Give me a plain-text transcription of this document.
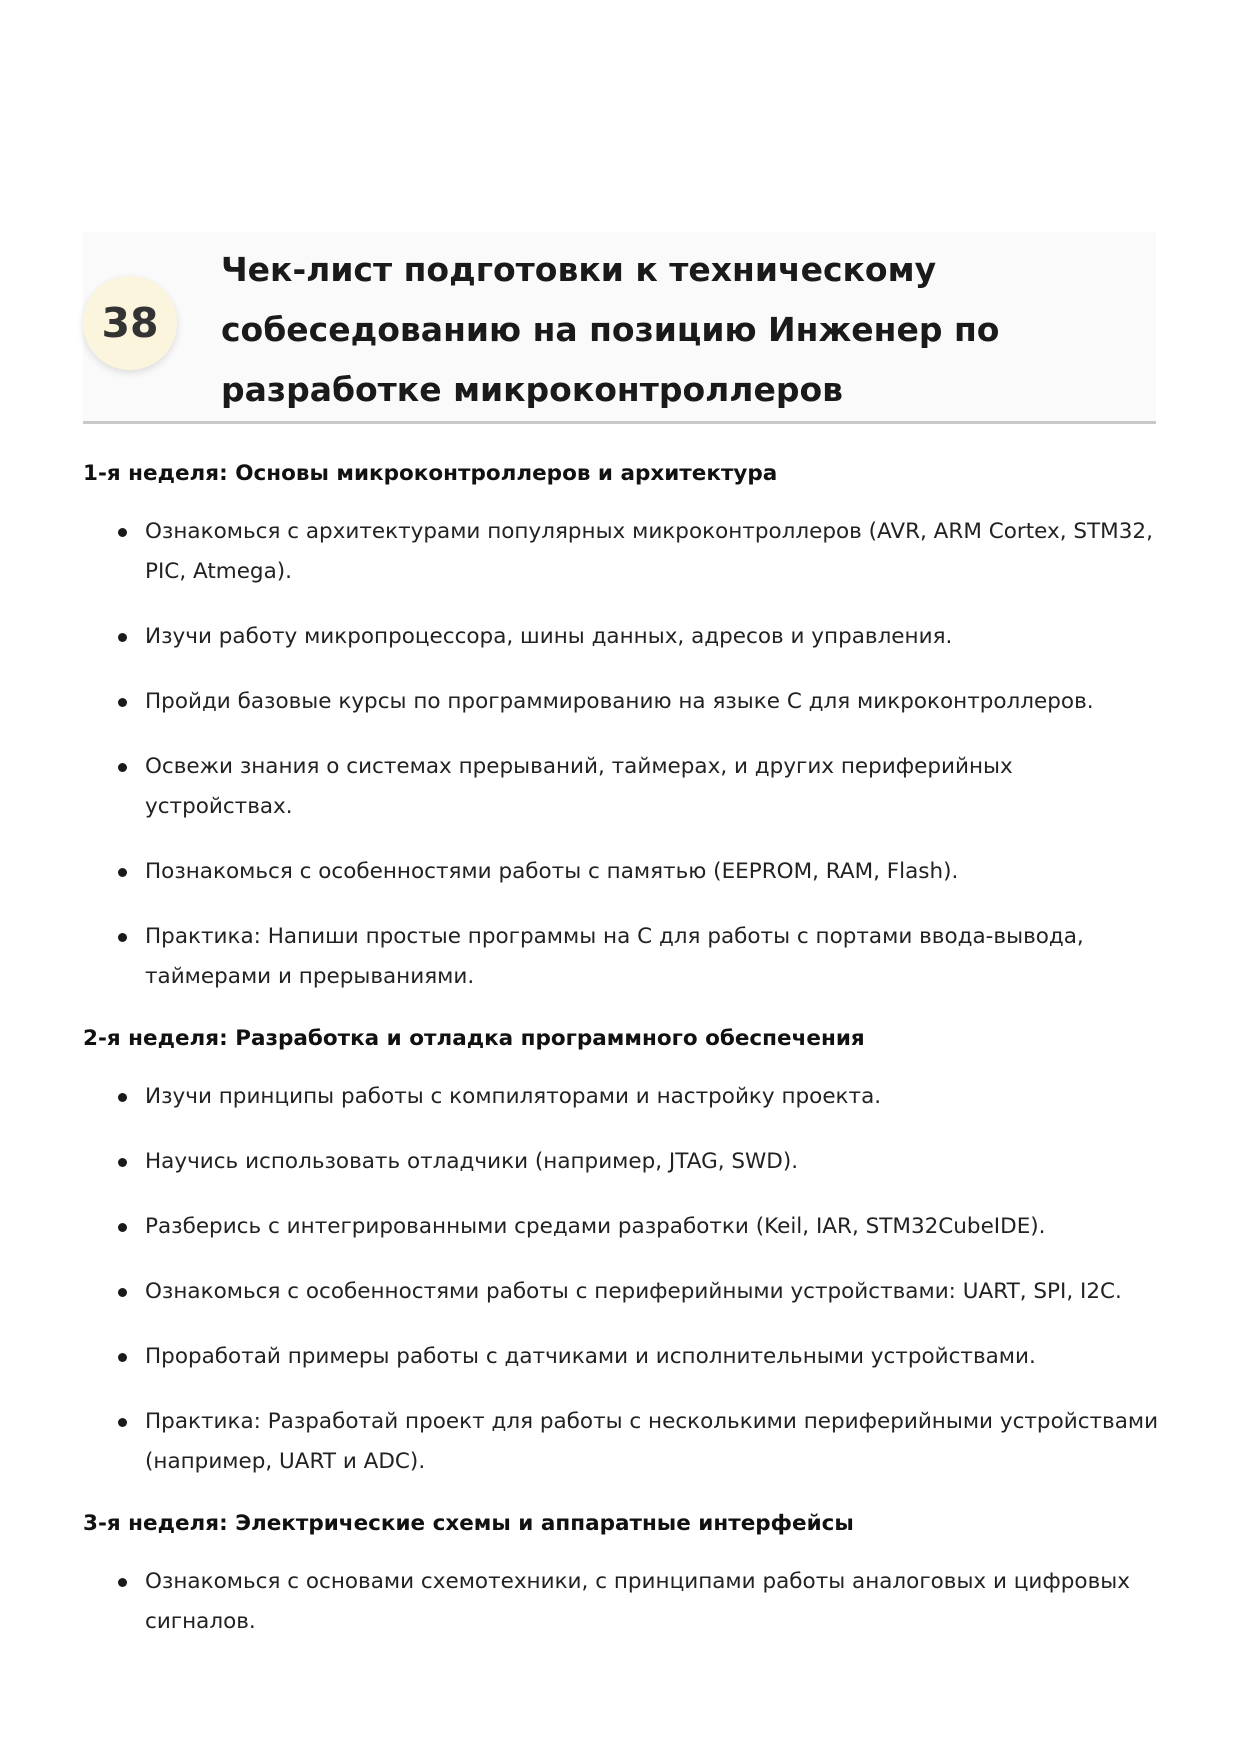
38
Чек-лист подготовки к техническому
собеседованию на позицию Инженер по
разработке микроконтроллеров
1-я неделя: Основы микроконтроллеров и архитектура
Ознакомься с архитектурами популярных микроконтроллеров (AVR, ARM Cortex, STM32, PIC, Atmega).
Изучи работу микропроцессора, шины данных, адресов и управления.
Пройди базовые курсы по программированию на языке C для микроконтроллеров.
Освежи знания о системах прерываний, таймерах, и других периферийных устройствах.
Познакомься с особенностями работы с памятью (EEPROM, RAM, Flash).
Практика: Напиши простые программы на C для работы с портами ввода-вывода, таймерами и прерываниями.
2-я неделя: Разработка и отладка программного обеспечения
Изучи принципы работы с компиляторами и настройку проекта.
Научись использовать отладчики (например, JTAG, SWD).
Разберись с интегрированными средами разработки (Keil, IAR, STM32CubeIDE).
Ознакомься с особенностями работы с периферийными устройствами: UART, SPI, I2C.
Проработай примеры работы с датчиками и исполнительными устройствами.
Практика: Разработай проект для работы с несколькими периферийными устройствами (например, UART и ADC).
3-я неделя: Электрические схемы и аппаратные интерфейсы
Ознакомься с основами схемотехники, с принципами работы аналоговых и цифровых сигналов.
